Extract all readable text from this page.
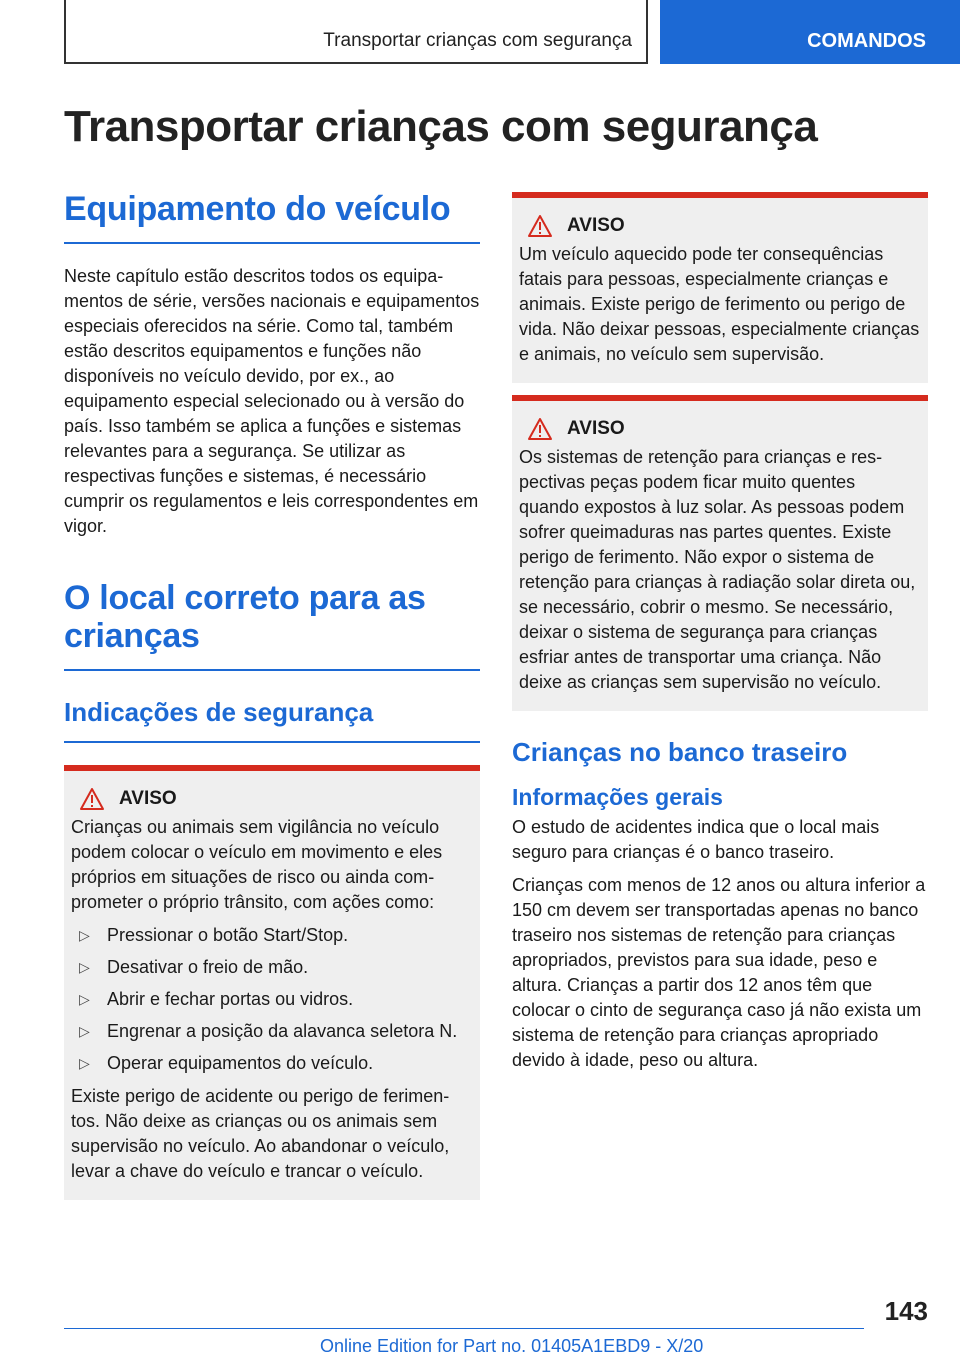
Transportar crianças com segurança	COMANDOS
Transportar crianças com segurança
Equipamento do veículo

Neste capítulo estão descritos todos os equipamentos de série, versões nacionais e equipamentos especiais oferecidos na série. Como tal, também estão descritos equipamentos e funções não disponíveis no veículo devido, por ex., ao equipamento especial selecionado ou à versão do país. Isso também se aplica a funções e sistemas relevantes para a segurança. Se utilizar as respectivas funções e sistemas, é necessário cumprir os regulamentos e leis correspondentes em vigor.

O local correto para as crianças
Indicações de segurança
AVISO

Crianças ou animais sem vigilância no veículo podem colocar o veículo em movimento e eles próprios em situações de risco ou ainda comprometer o próprio trânsito, com ações como:

▷ Pressionar o botão Start/Stop.
▷ Desativar o freio de mão.
▷ Abrir e fechar portas ou vidros.
▷ Engrenar a posição da alavanca seletora N.
▷ Operar equipamentos do veículo.

Existe perigo de acidente ou perigo de ferimentos. Não deixe as crianças ou os animais sem supervisão no veículo. Ao abandonar o veículo, levar a chave do veículo e trancar o veículo.

AVISO

Um veículo aquecido pode ter consequências fatais para pessoas, especialmente crianças e animais. Existe perigo de ferimento ou perigo de vida. Não deixar pessoas, especialmente crianças e animais, no veículo sem supervisão.

AVISO

Os sistemas de retenção para crianças e respectivas peças podem ficar muito quentes quando expostos à luz solar. As pessoas podem sofrer queimaduras nas partes quentes. Existe perigo de ferimento. Não expor o sistema de retenção para crianças à radiação solar direta ou, se necessário, cobrir o mesmo. Se necessário, deixar o sistema de segurança para crianças esfriar antes de transportar uma criança. Não deixe as crianças sem supervisão no veículo.

Crianças no banco traseiro
Informações gerais

O estudo de acidentes indica que o local mais seguro para crianças é o banco traseiro.

Crianças com menos de 12 anos ou altura inferior a 150 cm devem ser transportadas apenas no banco traseiro nos sistemas de retenção para crianças apropriados, previstos para sua idade, peso e altura. Crianças a partir dos 12 anos têm que colocar o cinto de segurança caso já não exista um sistema de retenção para crianças apropriado devido à idade, peso ou altura.

143
Online Edition for Part no. 01405A1EBD9 - X/20
